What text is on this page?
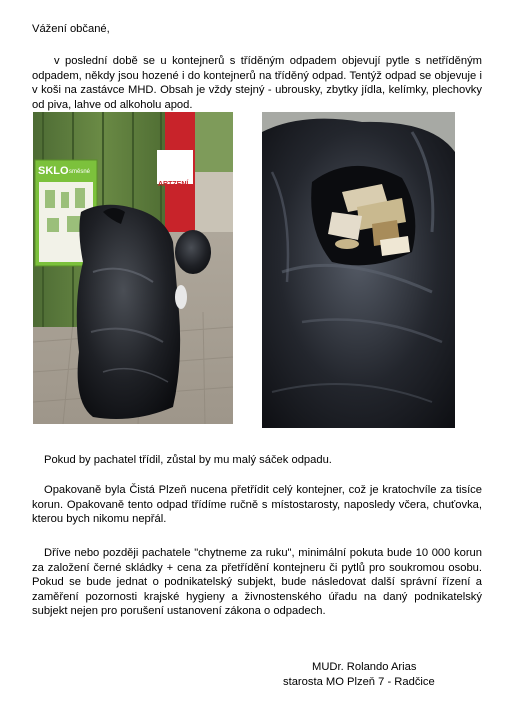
Vážení občané,

v poslední době se u kontejnerů s tříděným odpadem objevují pytle s netříděným odpadem, někdy jsou hozené i do kontejnerů na tříděný odpad. Tentýž odpad se objevuje i v koši na zastávce MHD. Obsah je vždy stejný - ubrousky, zbytky jídla, kelímky, plechovky od piva, lahve od alkoholu apod.

SKLO směsné
ARTZENÍ

Pokud by pachatel třídil, zůstal by mu malý sáček odpadu.

Opakovaně byla Čistá Plzeň nucena přetřídit celý kontejner, což je kratochvíle za tisíce korun. Opakovaně tento odpad třídíme ručně s místostarosty, naposledy včera, chuťovka, kterou bych nikomu nepřál.

Dříve nebo později pachatele "chytneme za ruku", minimální pokuta bude 10 000 korun za založení černé skládky + cena za přetřídění kontejneru či pytlů pro soukromou osobu. Pokud se bude jednat o podnikatelský subjekt, bude následovat další správní řízení a zaměření pozornosti krajské hygieny a živnostenského úřadu na daný podnikatelský subjekt nejen pro porušení ustanovení zákona o odpadech.

MUDr. Rolando Arias

starosta MO Plzeň 7 - Radčice
